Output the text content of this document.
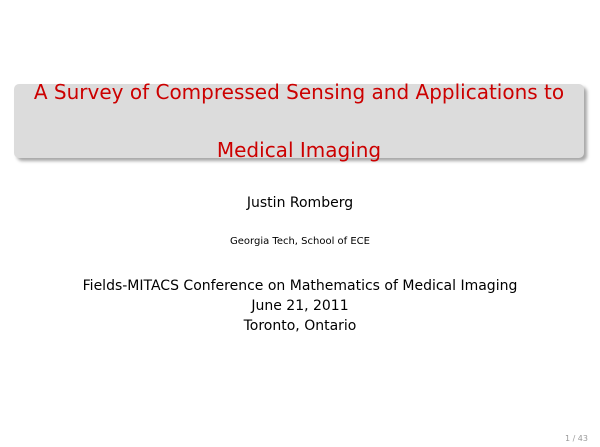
A Survey of Compressed Sensing and Applications to

Medical Imaging

Justin Romberg
Georgia Tech, School of ECE
Fields-MITACS Conference on Mathematics of Medical Imaging
June 21, 2011
Toronto, Ontario
1 / 43
